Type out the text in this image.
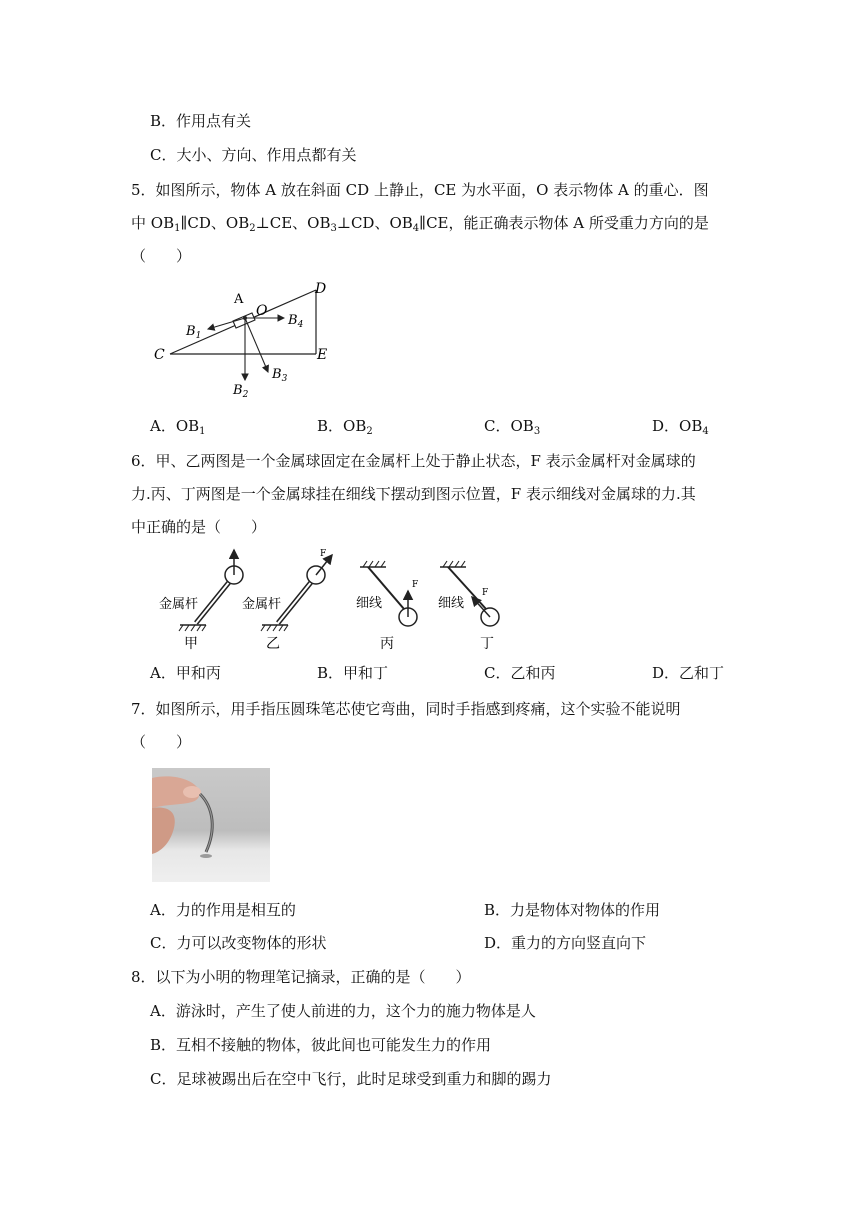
B．作用点有关
C．大小、方向、作用点都有关
5．如图所示，物体 A 放在斜面 CD 上静止，CE 为水平面，O 表示物体 A 的重心．图
中 $OB_1\parallel CD$、$OB_2\perp CE$、$OB_3\perp CD$、$OB_4\parallel CE$，能正确表示物体 A 所受重力方向的是
（　　）
A
O
C
D
E
$B_1$
$B_2$
$B_3$
$B_4$
A．$OB_1$	B．$OB_2$	C．$OB_3$	D．$OB_4$
6．甲、乙两图是一个金属球固定在金属杆上处于静止状态，F 表示金属杆对金属球的
力.丙、丁两图是一个金属球挂在细线下摆动到图示位置，F 表示细线对金属球的力.其
中正确的是（　　）
金属杆
甲
F
金属杆
乙
F
细线
丙
F
细线
丁
A．甲和丙	B．甲和丁	C．乙和丙	D．乙和丁
7．如图所示，用手指压圆珠笔芯使它弯曲，同时手指感到疼痛，这个实验不能说明
（　　）
A．力的作用是相互的	B．力是物体对物体的作用
C．力可以改变物体的形状	D．重力的方向竖直向下
8．以下为小明的物理笔记摘录，正确的是（　　）
A．游泳时，产生了使人前进的力，这个力的施力物体是人
B．互相不接触的物体，彼此间也可能发生力的作用
C．足球被踢出后在空中飞行，此时足球受到重力和脚的踢力
